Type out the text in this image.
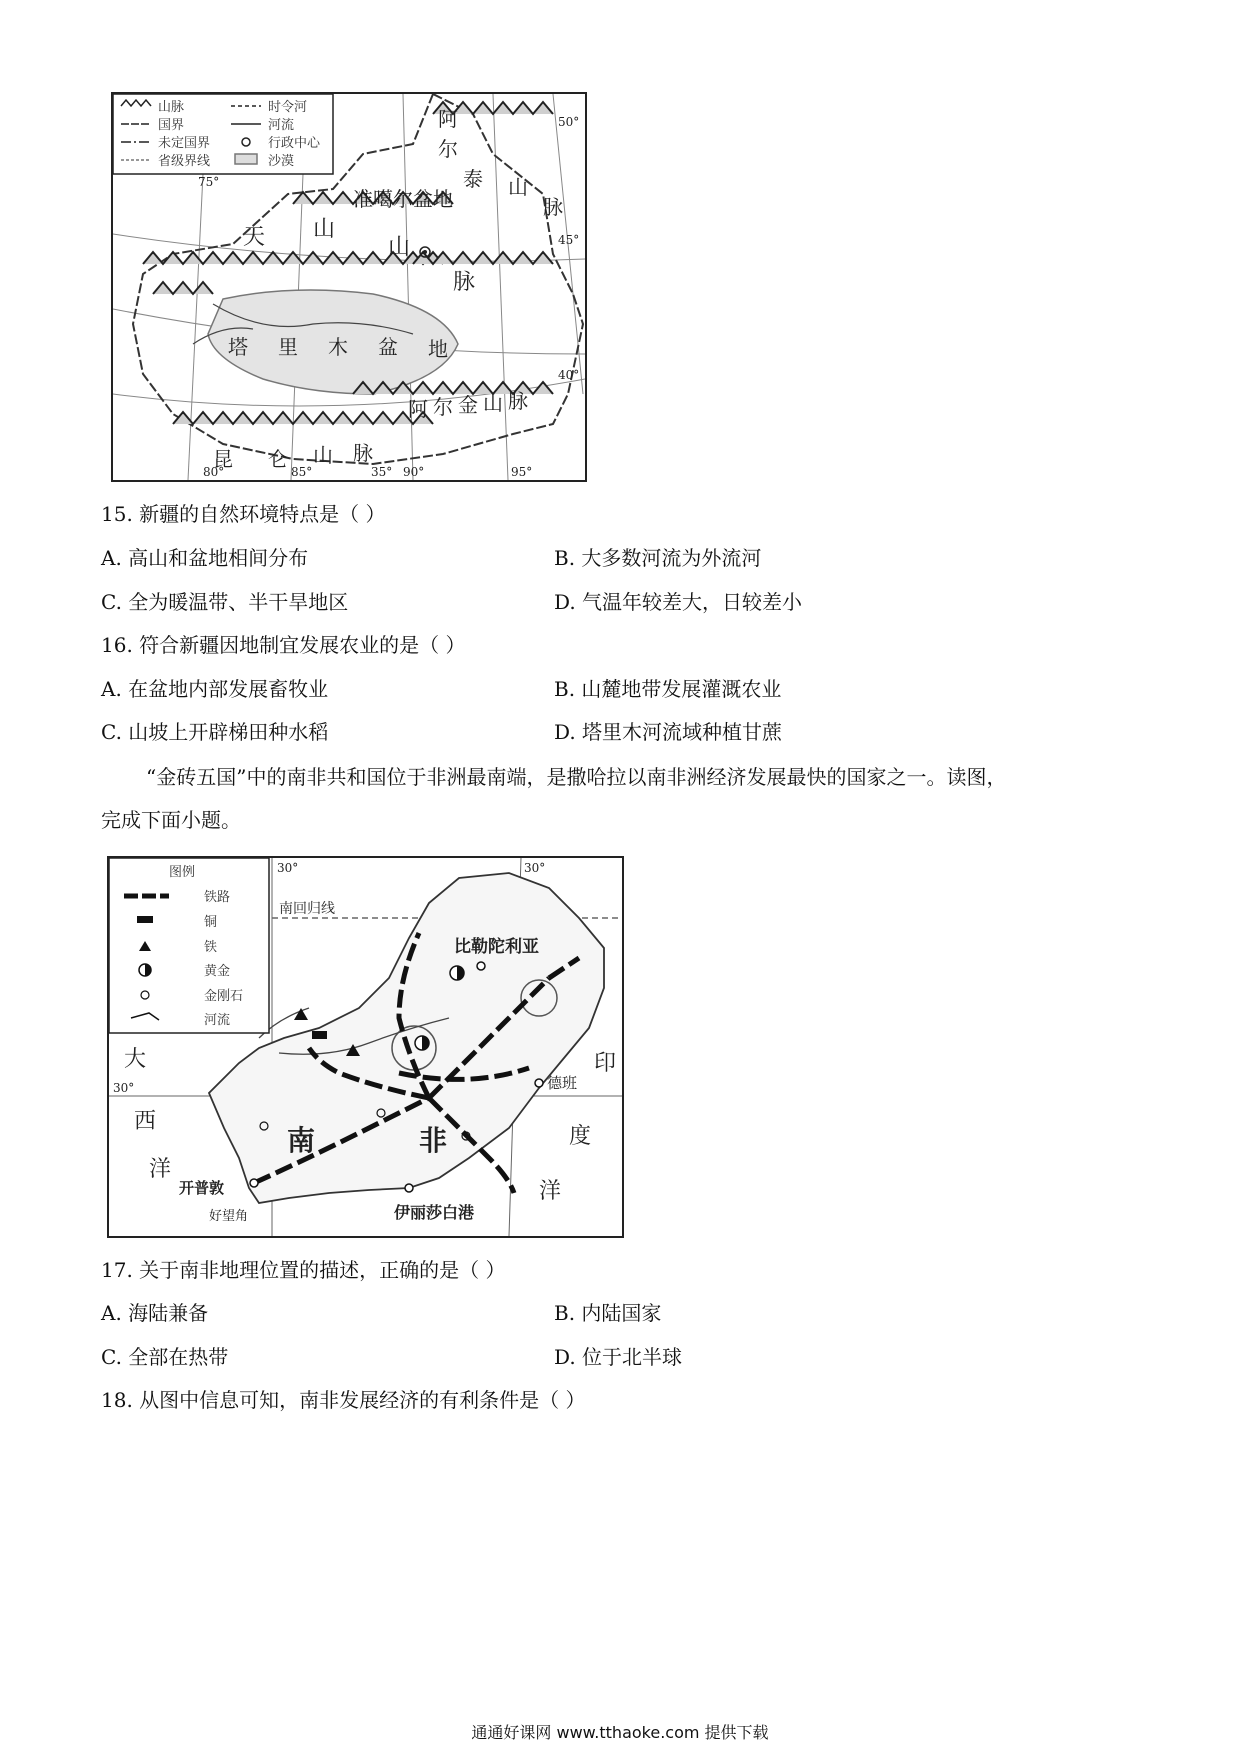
山脉	时令河
国界	河流
未定国界	行政中心
省级界线	沙漠
50°
45°
40°
35°
75°
80°	85°	90°	95°
阿
尔
泰 山
脉
准噶尔盆地
天 山
山
脉
塔 里 木 盆 地
阿 尔 金 山 脉
昆 仑 山 脉
15. 新疆的自然环境特点是（ ）
A. 高山和盆地相间分布	B. 大多数河流为外流河
C. 全为暖温带、半干旱地区	D. 气温年较差大，日较差小
16. 符合新疆因地制宜发展农业的是（ ）
A. 在盆地内部发展畜牧业	B. 山麓地带发展灌溉农业
C. 山坡上开辟梯田种水稻	D. 塔里木河流域种植甘蔗
“金砖五国”中的南非共和国位于非洲最南端，是撒哈拉以南非洲经济发展最快的国家之一。读图，
完成下面小题。
图例
铁路
铜
铁
黄金
金刚石
河流
30°	30°
30°
南回归线
比勒陀利亚
德班
开普敦
好望角	伊丽莎白港
南	非
大
西
洋
印
度
洋
17. 关于南非地理位置的描述，正确的是（ ）
A. 海陆兼备	B. 内陆国家
C. 全部在热带	D. 位于北半球
18. 从图中信息可知，南非发展经济的有利条件是（ ）
通通好课网 www.tthaoke.com 提供下载
